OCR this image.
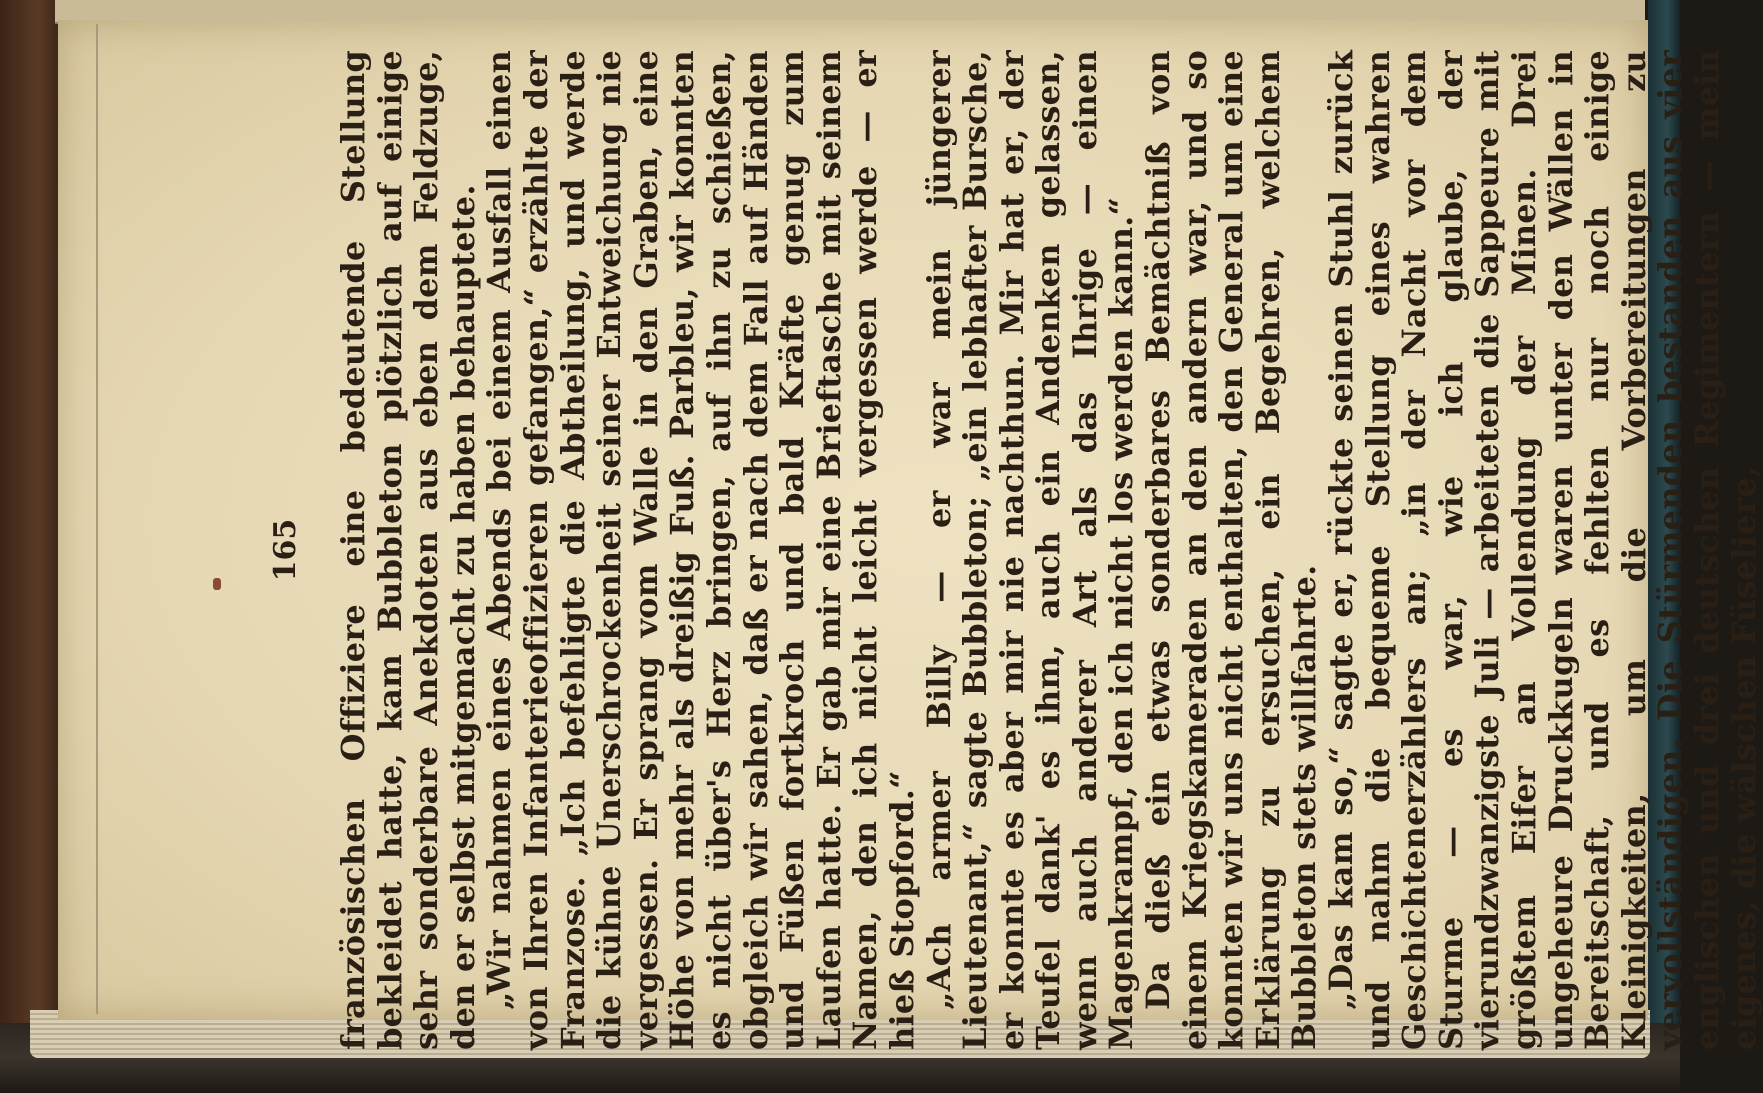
165 französischen Offiziere eine bedeutende Stellung bekleidet hatte, kam Bubbleton plötzlich auf einige sehr sonderbare Anekdoten aus eben dem Feldzuge, den er selbst mitgemacht zu haben behauptete.

„Wir nahmen eines Abends bei einem Ausfall einen von Ihren Infanterieoffizieren gefangen,“ erzählte der Franzose. „Ich befehligte die Abtheilung, und werde die kühne Unerschrockenheit seiner Entweichung nie vergessen. Er sprang vom Walle in den Graben, eine Höhe von mehr als dreißig Fuß. Parbleu, wir konnten es nicht über's Herz bringen, auf ihn zu schießen, obgleich wir sahen, daß er nach dem Fall auf Händen und Füßen fortkroch und bald Kräfte genug zum Laufen hatte. Er gab mir eine Brieftasche mit seinem Namen, den ich nicht leicht vergessen werde — er hieß Stopford.“

„Ach armer Billy — er war mein jüngerer Lieutenant,“ sagte Bubbleton; „ein lebhafter Bursche, er konnte es aber mir nie nachthun. Mir hat er, der Teufel dank' es ihm, auch ein Andenken gelassen, wenn auch anderer Art als das Ihrige — einen Magenkrampf, den ich nicht los werden kann.“

Da dieß ein etwas sonderbares Bemächtniß von einem Kriegskameraden an den andern war, und so konnten wir uns nicht enthalten, den General um eine Erklärung zu ersuchen, ein Begehren, welchem Bubbleton stets willfahrte.

„Das kam so,“ sagte er, rückte seinen Stuhl zurück und nahm die bequeme Stellung eines wahren Geschichtenerzählers an; „in der Nacht vor dem Sturme — es war, wie ich glaube, der vierundzwanzigste Juli — arbeiteten die Sappeure mit größtem Eifer an Vollendung der Minen. Drei ungeheure Druckkugeln waren unter den Wällen in Bereitschaft, und es fehlten nur noch einige Kleinigkeiten, um die Vorbereitungen zu vervollständigen. Die Stürmenden bestanden aus vier englischen und drei deutschen Regimentern — mein eigenes, die wälschen Füseliere,
